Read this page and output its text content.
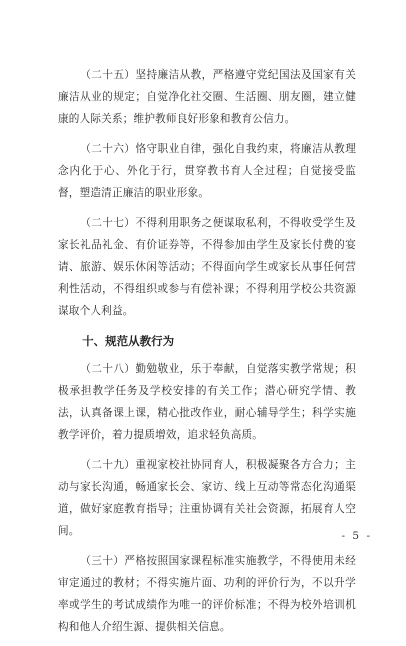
（二十五）坚持廉洁从教，严格遵守党纪国法及国家有关廉洁从业的规定；自觉净化社交圈、生活圈、朋友圈，建立健康的人际关系；维护教师良好形象和教育公信力。

（二十六）恪守职业自律，强化自我约束，将廉洁从教理念内化于心、外化于行，贯穿教书育人全过程；自觉接受监督，塑造清正廉洁的职业形象。

（二十七）不得利用职务之便谋取私利，不得收受学生及家长礼品礼金、有价证券等，不得参加由学生及家长付费的宴请、旅游、娱乐休闲等活动；不得面向学生或家长从事任何营利性活动，不得组织或参与有偿补课；不得利用学校公共资源谋取个人利益。

十、规范从教行为

（二十八）勤勉敬业，乐于奉献，自觉落实教学常规；积极承担教学任务及学校安排的有关工作；潜心研究学情、教法，认真备课上课，精心批改作业，耐心辅导学生；科学实施教学评价，着力提质增效，追求轻负高质。

（二十九）重视家校社协同育人，积极凝聚各方合力；主动与家长沟通，畅通家长会、家访、线上互动等常态化沟通渠道，做好家庭教育指导；注重协调有关社会资源，拓展育人空间。

（三十）严格按照国家课程标准实施教学，不得使用未经审定通过的教材；不得实施片面、功利的评价行为，不以升学率或学生的考试成绩作为唯一的评价标准；不得为校外培训机构和他人介绍生源、提供相关信息。

- 5 -
